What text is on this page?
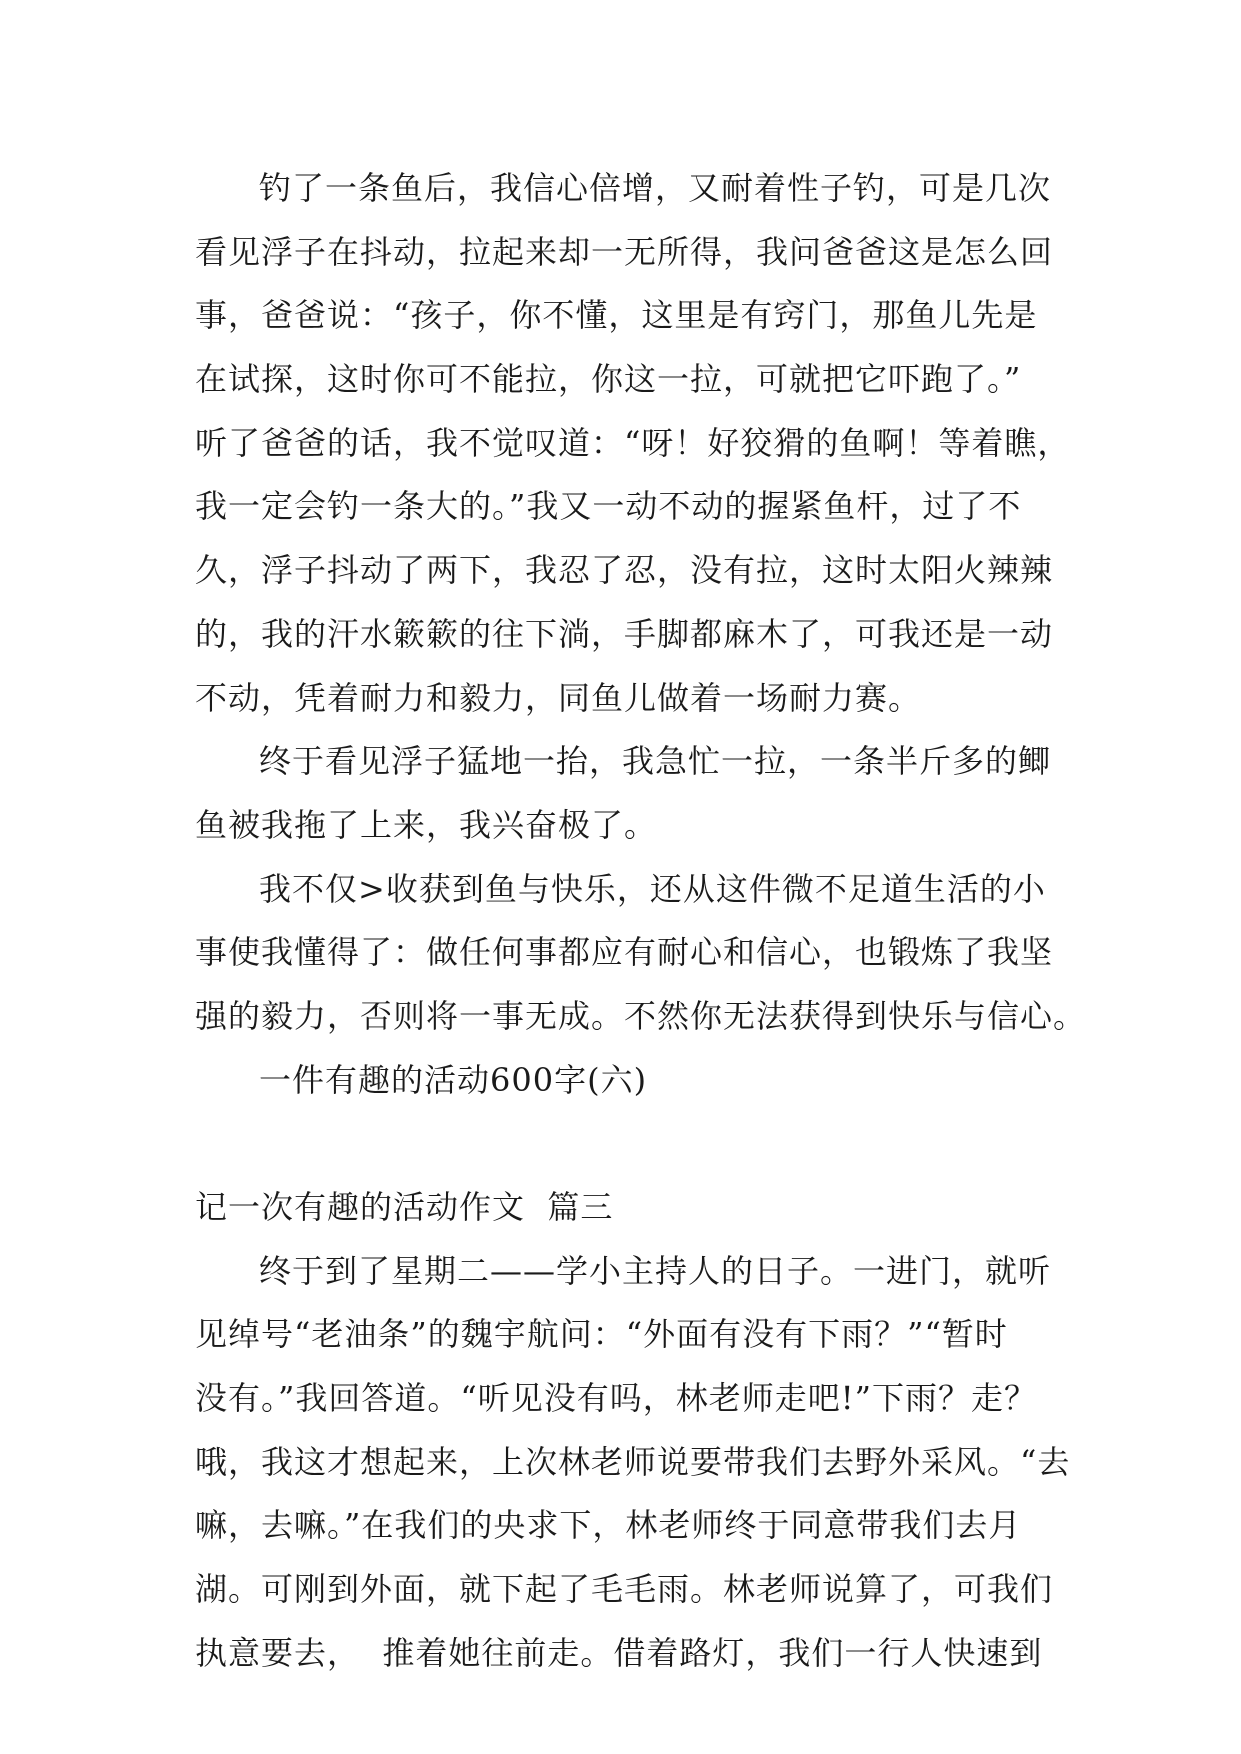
钓了一条鱼后，我信心倍增，又耐着性子钓，可是几次
看见浮子在抖动，拉起来却一无所得，我问爸爸这是怎么回
事，爸爸说：“孩子，你不懂，这里是有窍门，那鱼儿先是
在试探，这时你可不能拉，你这一拉，可就把它吓跑了。”
听了爸爸的话，我不觉叹道：“呀！好狡猾的鱼啊！等着瞧，
我一定会钓一条大的。”我又一动不动的握紧鱼杆，过了不
久，浮子抖动了两下，我忍了忍，没有拉，这时太阳火辣辣
的，我的汗水簌簌的往下淌，手脚都麻木了，可我还是一动
不动，凭着耐力和毅力，同鱼儿做着一场耐力赛。
终于看见浮子猛地一抬，我急忙一拉，一条半斤多的鲫
鱼被我拖了上来，我兴奋极了。
我不仅>收获到鱼与快乐，还从这件微不足道生活的小
事使我懂得了：做任何事都应有耐心和信心，也锻炼了我坚
强的毅力，否则将一事无成。不然你无法获得到快乐与信心。
一件有趣的活动600字(六)
记一次有趣的活动作文  篇三
终于到了星期二——学小主持人的日子。一进门，就听
见绰号“老油条”的魏宇航问：“外面有没有下雨？”“暂时
没有。”我回答道。“听见没有吗，林老师走吧!”下雨？走？
哦，我这才想起来，上次林老师说要带我们去野外采风。“去
嘛，去嘛。”在我们的央求下，林老师终于同意带我们去月
湖。可刚到外面，就下起了毛毛雨。林老师说算了，可我们
执意要去，  推着她往前走。借着路灯，我们一行人快速到
